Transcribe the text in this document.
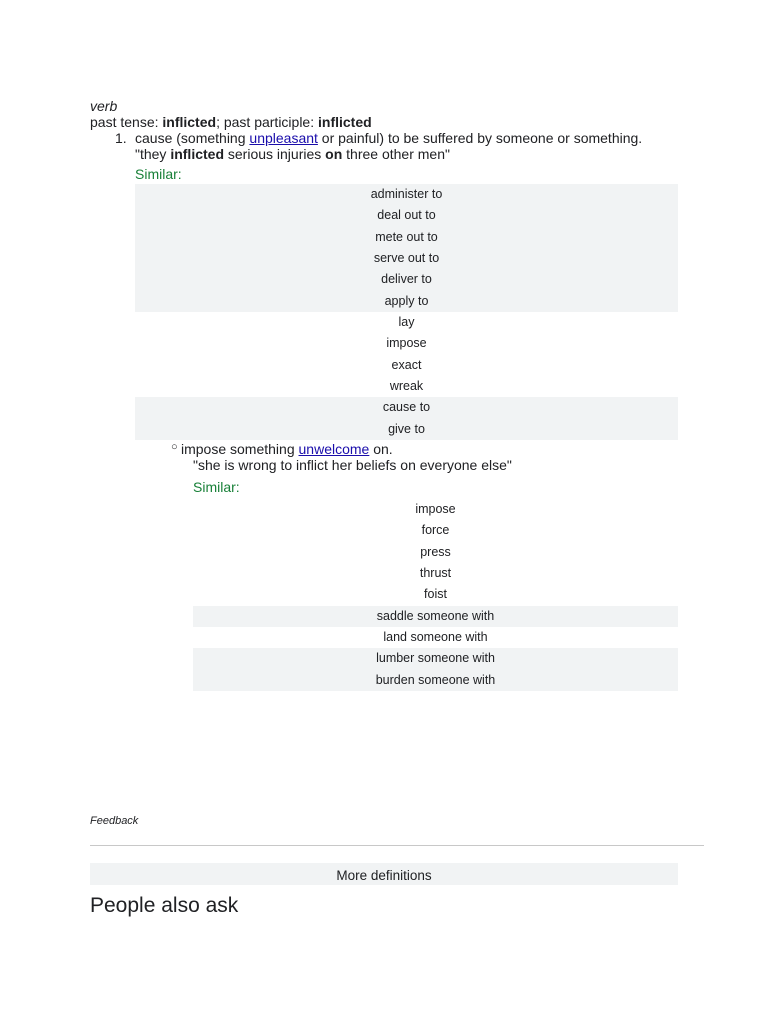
verb
past tense: inflicted; past participle: inflicted
1. cause (something unpleasant or painful) to be suffered by someone or something.
"they inflicted serious injuries on three other men"
Similar:
administer to
deal out to
mete out to
serve out to
deliver to
apply to
lay
impose
exact
wreak
cause to
give to
○ impose something unwelcome on.
"she is wrong to inflict her beliefs on everyone else"
Similar:
impose
force
press
thrust
foist
saddle someone with
land someone with
lumber someone with
burden someone with
Feedback
More definitions
People also ask
